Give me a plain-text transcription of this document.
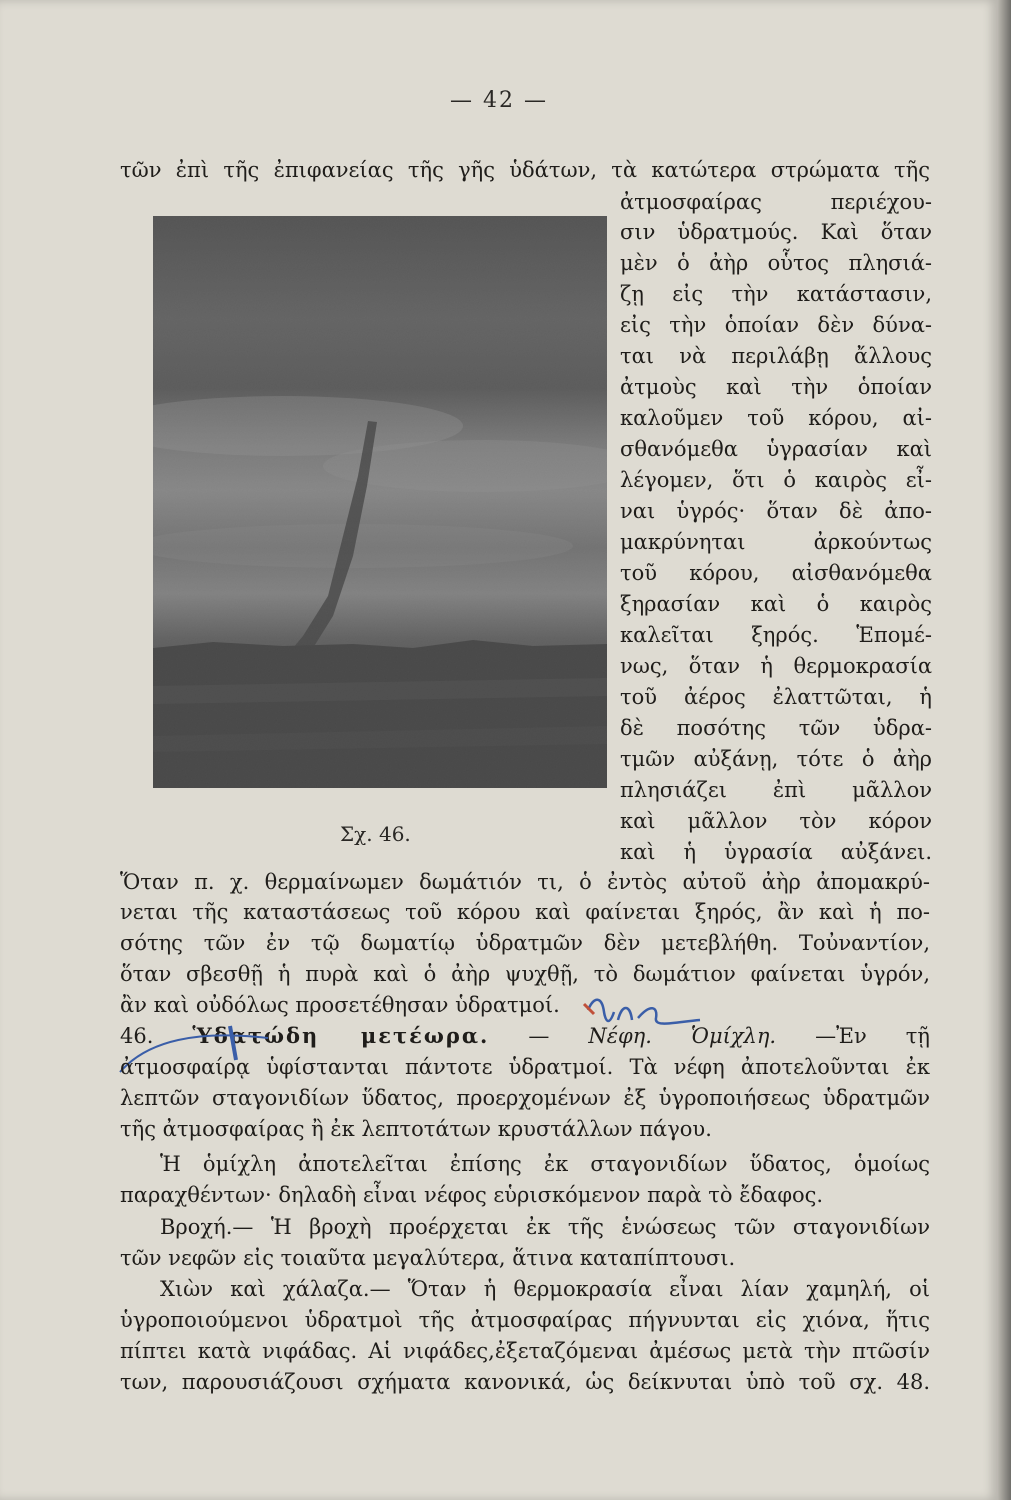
— 42 —
τῶν ἐπὶ τῆς ἐπιφανείας τῆς γῆς ὑδάτων, τὰ κατώτερα στρώματα τῆς
Σχ. 46.
ἀτμοσφαίρας περιέχου-
σιν ὑδρατμούς. Καὶ ὅταν
μὲν ὁ ἀὴρ οὗτος πλησιά-
ζῃ εἰς τὴν κατάστασιν,
εἰς τὴν ὁποίαν δὲν δύνα-
ται νὰ περιλάβῃ ἄλλους
ἀτμοὺς καὶ τὴν ὁποίαν
καλοῦμεν τοῦ κόρου, αἰ-
σθανόμεθα ὑγρασίαν καὶ
λέγομεν, ὅτι ὁ καιρὸς εἶ-
ναι ὑγρός· ὅταν δὲ ἀπο-
μακρύνηται ἀρκούντως
τοῦ κόρου, αἰσθανόμεθα
ξηρασίαν καὶ ὁ καιρὸς
καλεῖται ξηρός. Ἑπομέ-
νως, ὅταν ἡ θερμοκρασία
τοῦ ἀέρος ἐλαττῶται, ἡ
δὲ ποσότης τῶν ὑδρα-
τμῶν αὐξάνῃ, τότε ὁ ἀὴρ
πλησιάζει ἐπὶ μᾶλλον
καὶ μᾶλλον τὸν κόρον
καὶ ἡ ὑγρασία αὐξάνει.
Ὅταν π. χ. θερμαίνωμεν δωμάτιόν τι, ὁ ἐντὸς αὐτοῦ ἀὴρ ἀπομακρύ-
νεται τῆς καταστάσεως τοῦ κόρου καὶ φαίνεται ξηρός, ἂν καὶ ἡ πο-
σότης τῶν ἐν τῷ δωματίῳ ὑδρατμῶν δὲν μετεβλήθη. Τοὐναντίον,
ὅταν σβεσθῇ ἡ πυρὰ καὶ ὁ ἀὴρ ψυχθῇ, τὸ δωμάτιον φαίνεται ὑγρόν,
ἂν καὶ οὐδόλως προσετέθησαν ὑδρατμοί.
46. Ὑδατώδη μετέωρα. — Νέφη. Ὁμίχλη. —Ἐν τῇ
ἀτμοσφαίρᾳ ὑφίστανται πάντοτε ὑδρατμοί. Τὰ νέφη ἀποτελοῦνται ἐκ
λεπτῶν σταγονιδίων ὕδατος, προερχομένων ἐξ ὑγροποιήσεως ὑδρατμῶν
τῆς ἀτμοσφαίρας ἢ ἐκ λεπτοτάτων κρυστάλλων πάγου.
Ἡ ὁμίχλη ἀποτελεῖται ἐπίσης ἐκ σταγονιδίων ὕδατος, ὁμοίως
παραχθέντων· δηλαδὴ εἶναι νέφος εὑρισκόμενον παρὰ τὸ ἔδαφος.
Βροχή.— Ἡ βροχὴ προέρχεται ἐκ τῆς ἑνώσεως τῶν σταγονιδίων
τῶν νεφῶν εἰς τοιαῦτα μεγαλύτερα, ἅτινα καταπίπτουσι.
Χιὼν καὶ χάλαζα.— Ὅταν ἡ θερμοκρασία εἶναι λίαν χαμηλή, οἱ
ὑγροποιούμενοι ὑδρατμοὶ τῆς ἀτμοσφαίρας πήγνυνται εἰς χιόνα, ἥτις
πίπτει κατὰ νιφάδας. Αἱ νιφάδες,ἐξεταζόμεναι ἀμέσως μετὰ τὴν πτῶσίν
των, παρουσιάζουσι σχήματα κανονικά, ὡς δείκνυται ὑπὸ τοῦ σχ. 48.
